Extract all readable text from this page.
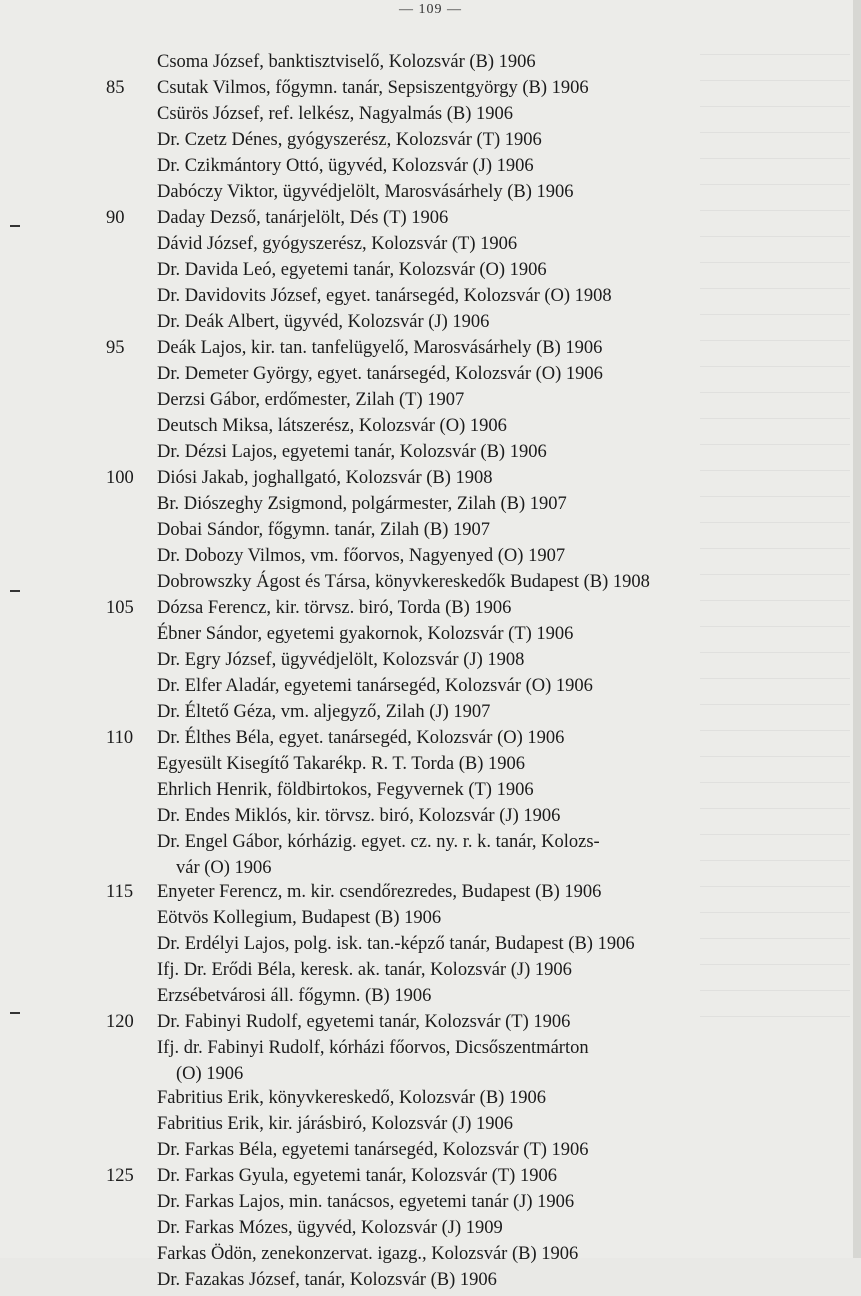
— 109 —
Csoma József, banktisztviselő, Kolozsvár (B) 1906
85	Csutak Vilmos, főgymn. tanár, Sepsiszentgyörgy (B) 1906
Csürös József, ref. lelkész, Nagyalmás (B) 1906
Dr. Czetz Dénes, gyógyszerész, Kolozsvár (T) 1906
Dr. Czikmántory Ottó, ügyvéd, Kolozsvár (J) 1906
Dabóczy Viktor, ügyvédjelölt, Marosvásárhely (B) 1906
90	Daday Dezső, tanárjelölt, Dés (T) 1906
Dávid József, gyógyszerész, Kolozsvár (T) 1906
Dr. Davida Leó, egyetemi tanár, Kolozsvár (O) 1906
Dr. Davidovits József, egyet. tanársegéd, Kolozsvár (O) 1908
Dr. Deák Albert, ügyvéd, Kolozsvár (J) 1906
95	Deák Lajos, kir. tan. tanfelügyelő, Marosvásárhely (B) 1906
Dr. Demeter György, egyet. tanársegéd, Kolozsvár (O) 1906
Derzsi Gábor, erdőmester, Zilah (T) 1907
Deutsch Miksa, látszerész, Kolozsvár (O) 1906
Dr. Dézsi Lajos, egyetemi tanár, Kolozsvár (B) 1906
100	Diósi Jakab, joghallgató, Kolozsvár (B) 1908
Br. Diószeghy Zsigmond, polgármester, Zilah (B) 1907
Dobai Sándor, főgymn. tanár, Zilah (B) 1907
Dr. Dobozy Vilmos, vm. főorvos, Nagyenyed (O) 1907
Dobrowszky Ágost és Társa, könyvkereskedők Budapest (B) 1908
105	Dózsa Ferencz, kir. törvsz. biró, Torda (B) 1906
Ébner Sándor, egyetemi gyakornok, Kolozsvár (T) 1906
Dr. Egry József, ügyvédjelölt, Kolozsvár (J) 1908
Dr. Elfer Aladár, egyetemi tanársegéd, Kolozsvár (O) 1906
Dr. Éltető Géza, vm. aljegyző, Zilah (J) 1907
110	Dr. Élthes Béla, egyet. tanársegéd, Kolozsvár (O) 1906
Egyesült Kisegítő Takarékp. R. T. Torda (B) 1906
Ehrlich Henrik, földbirtokos, Fegyvernek (T) 1906
Dr. Endes Miklós, kir. törvsz. biró, Kolozsvár (J) 1906
Dr. Engel Gábor, kórházig. egyet. cz. ny. r. k. tanár, Kolozs-
vár (O) 1906
115	Enyeter Ferencz, m. kir. csendőrezredes, Budapest (B) 1906
Eötvös Kollegium, Budapest (B) 1906
Dr. Erdélyi Lajos, polg. isk. tan.-képző tanár, Budapest (B) 1906
Ifj. Dr. Erődi Béla, keresk. ak. tanár, Kolozsvár (J) 1906
Erzsébetvárosi áll. főgymn. (B) 1906
120	Dr. Fabinyi Rudolf, egyetemi tanár, Kolozsvár (T) 1906
Ifj. dr. Fabinyi Rudolf, kórházi főorvos, Dicsőszentmárton
(O) 1906
Fabritius Erik, könyvkereskedő, Kolozsvár (B) 1906
Fabritius Erik, kir. járásbiró, Kolozsvár (J) 1906
Dr. Farkas Béla, egyetemi tanársegéd, Kolozsvár (T) 1906
125	Dr. Farkas Gyula, egyetemi tanár, Kolozsvár (T) 1906
Dr. Farkas Lajos, min. tanácsos, egyetemi tanár (J) 1906
Dr. Farkas Mózes, ügyvéd, Kolozsvár (J) 1909
Farkas Ödön, zenekonzervat. igazg., Kolozsvár (B) 1906
Dr. Fazakas József, tanár, Kolozsvár (B) 1906
